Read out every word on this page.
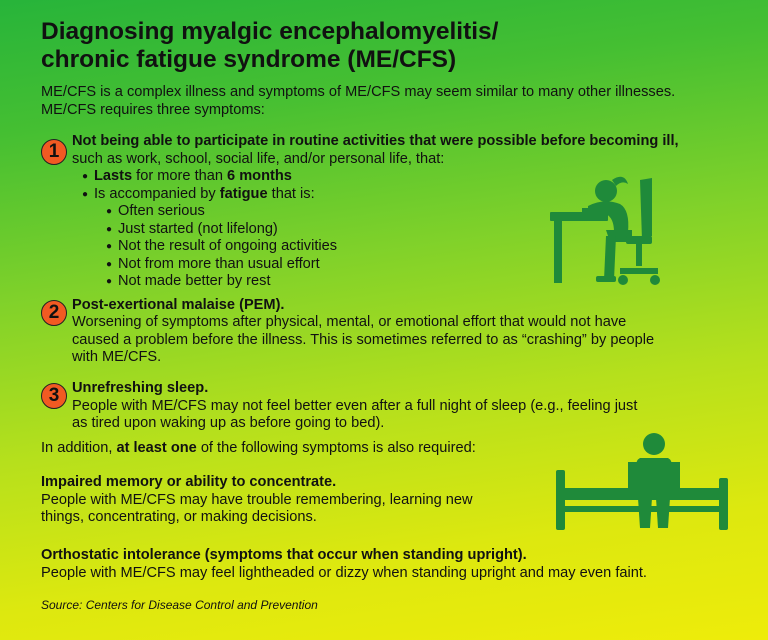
Diagnosing myalgic encephalomyelitis/
chronic fatigue syndrome (ME/CFS)
ME/CFS is a complex illness and symptoms of ME/CFS may seem similar to many other illnesses.
ME/CFS requires three symptoms:
1 Not being able to participate in routine activities that were possible before becoming ill,
such as work, school, social life, and/or personal life, that:
● Lasts for more than 6 months
● Is accompanied by fatigue that is:
● Often serious
● Just started (not lifelong)
● Not the result of ongoing activities
● Not from more than usual effort
● Not made better by rest
2 Post-exertional malaise (PEM).
Worsening of symptoms after physical, mental, or emotional effort that would not have
caused a problem before the illness. This is sometimes referred to as “crashing” by people
with ME/CFS.
3 Unrefreshing sleep.
People with ME/CFS may not feel better even after a full night of sleep (e.g., feeling just
as tired upon waking up as before going to bed).
In addition, at least one of the following symptoms is also required:
Impaired memory or ability to concentrate.
People with ME/CFS may have trouble remembering, learning new
things, concentrating, or making decisions.
Orthostatic intolerance (symptoms that occur when standing upright).
People with ME/CFS may feel lightheaded or dizzy when standing upright and may even faint.
Source: Centers for Disease Control and Prevention
